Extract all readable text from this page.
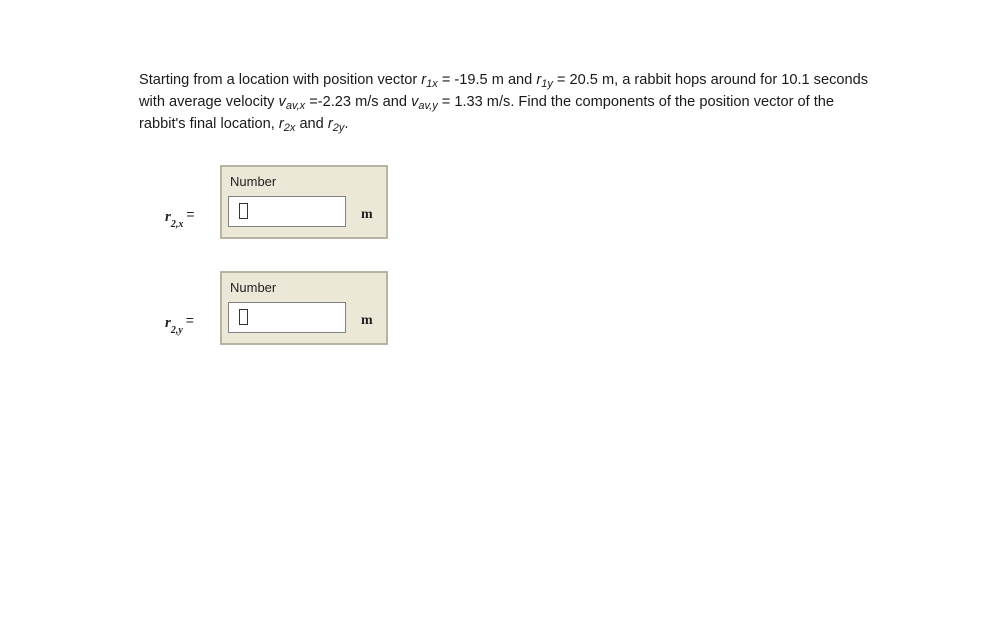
Starting from a location with position vector $r_{1x} = -19.5$ m and $r_{1y} = 20.5$ m, a rabbit hops around for 10.1 seconds with average velocity $v_{av,x} =-2.23$ m/s and $v_{av,y} = 1.33$ m/s. Find the components of the position vector of the rabbit's final location, $r_{2x}$ and $r_{2y}$.
$r_{2,x}=$
Number
m
$r_{2,y}=$
Number
m
